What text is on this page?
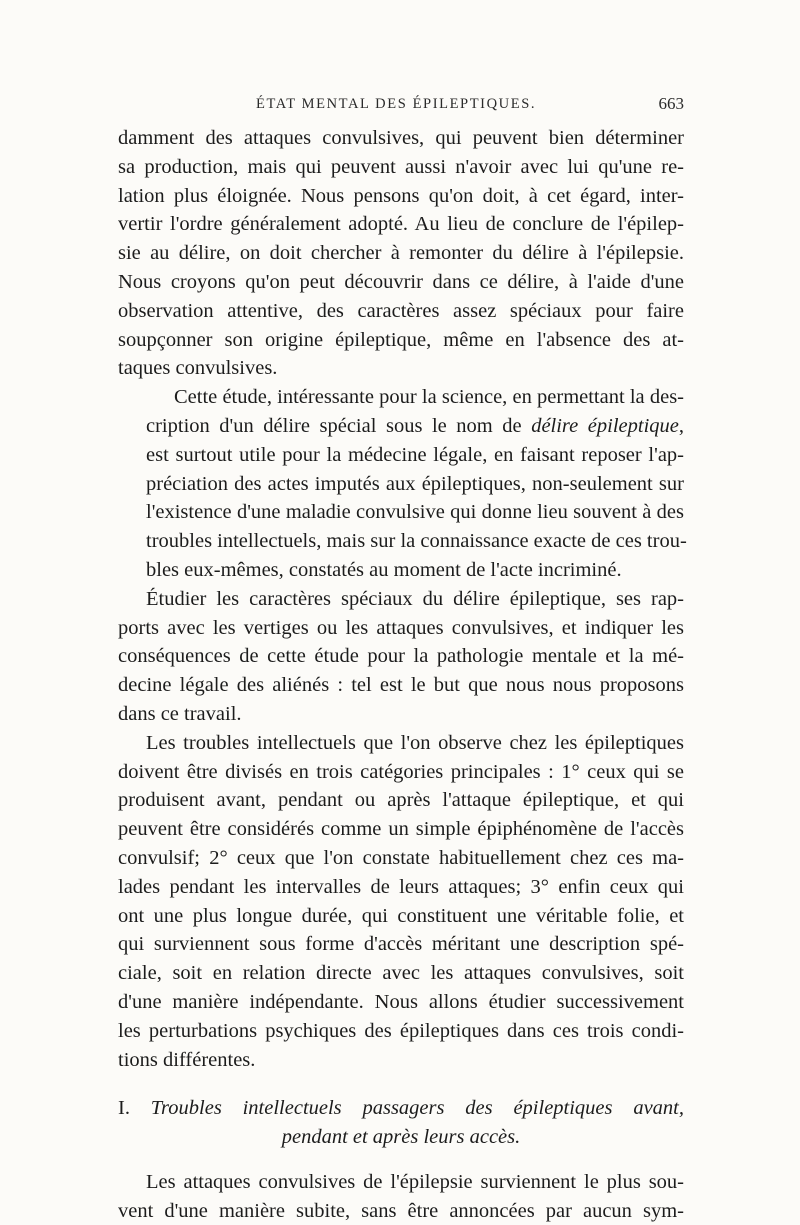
ÉTAT MENTAL DES ÉPILEPTIQUES.	663

damment des attaques convulsives, qui peuvent bien déterminer
sa production, mais qui peuvent aussi n'avoir avec lui qu'une re-
lation plus éloignée. Nous pensons qu'on doit, à cet égard, inter-
vertir l'ordre généralement adopté. Au lieu de conclure de l'épilep-
sie au délire, on doit chercher à remonter du délire à l'épilepsie.
Nous croyons qu'on peut découvrir dans ce délire, à l'aide d'une
observation attentive, des caractères assez spéciaux pour faire
soupçonner son origine épileptique, même en l'absence des at-
taques convulsives.

Cette étude, intéressante pour la science, en permettant la des-
cription d'un délire spécial sous le nom de délire épileptique,
est surtout utile pour la médecine légale, en faisant reposer l'ap-
préciation des actes imputés aux épileptiques, non-seulement sur
l'existence d'une maladie convulsive qui donne lieu souvent à des
troubles intellectuels, mais sur la connaissance exacte de ces trou-
bles eux-mêmes, constatés au moment de l'acte incriminé.

Étudier les caractères spéciaux du délire épileptique, ses rap-
ports avec les vertiges ou les attaques convulsives, et indiquer les
conséquences de cette étude pour la pathologie mentale et la mé-
decine légale des aliénés : tel est le but que nous nous proposons
dans ce travail.

Les troubles intellectuels que l'on observe chez les épileptiques
doivent être divisés en trois catégories principales : 1° ceux qui se
produisent avant, pendant ou après l'attaque épileptique, et qui
peuvent être considérés comme un simple épiphénomène de l'accès
convulsif; 2° ceux que l'on constate habituellement chez ces ma-
lades pendant les intervalles de leurs attaques; 3° enfin ceux qui
ont une plus longue durée, qui constituent une véritable folie, et
qui surviennent sous forme d'accès méritant une description spé-
ciale, soit en relation directe avec les attaques convulsives, soit
d'une manière indépendante. Nous allons étudier successivement
les perturbations psychiques des épileptiques dans ces trois condi-
tions différentes.

I. Troubles intellectuels passagers des épileptiques avant,
pendant et après leurs accès.

Les attaques convulsives de l'épilepsie surviennent le plus sou-
vent d'une manière subite, sans être annoncées par aucun sym-
